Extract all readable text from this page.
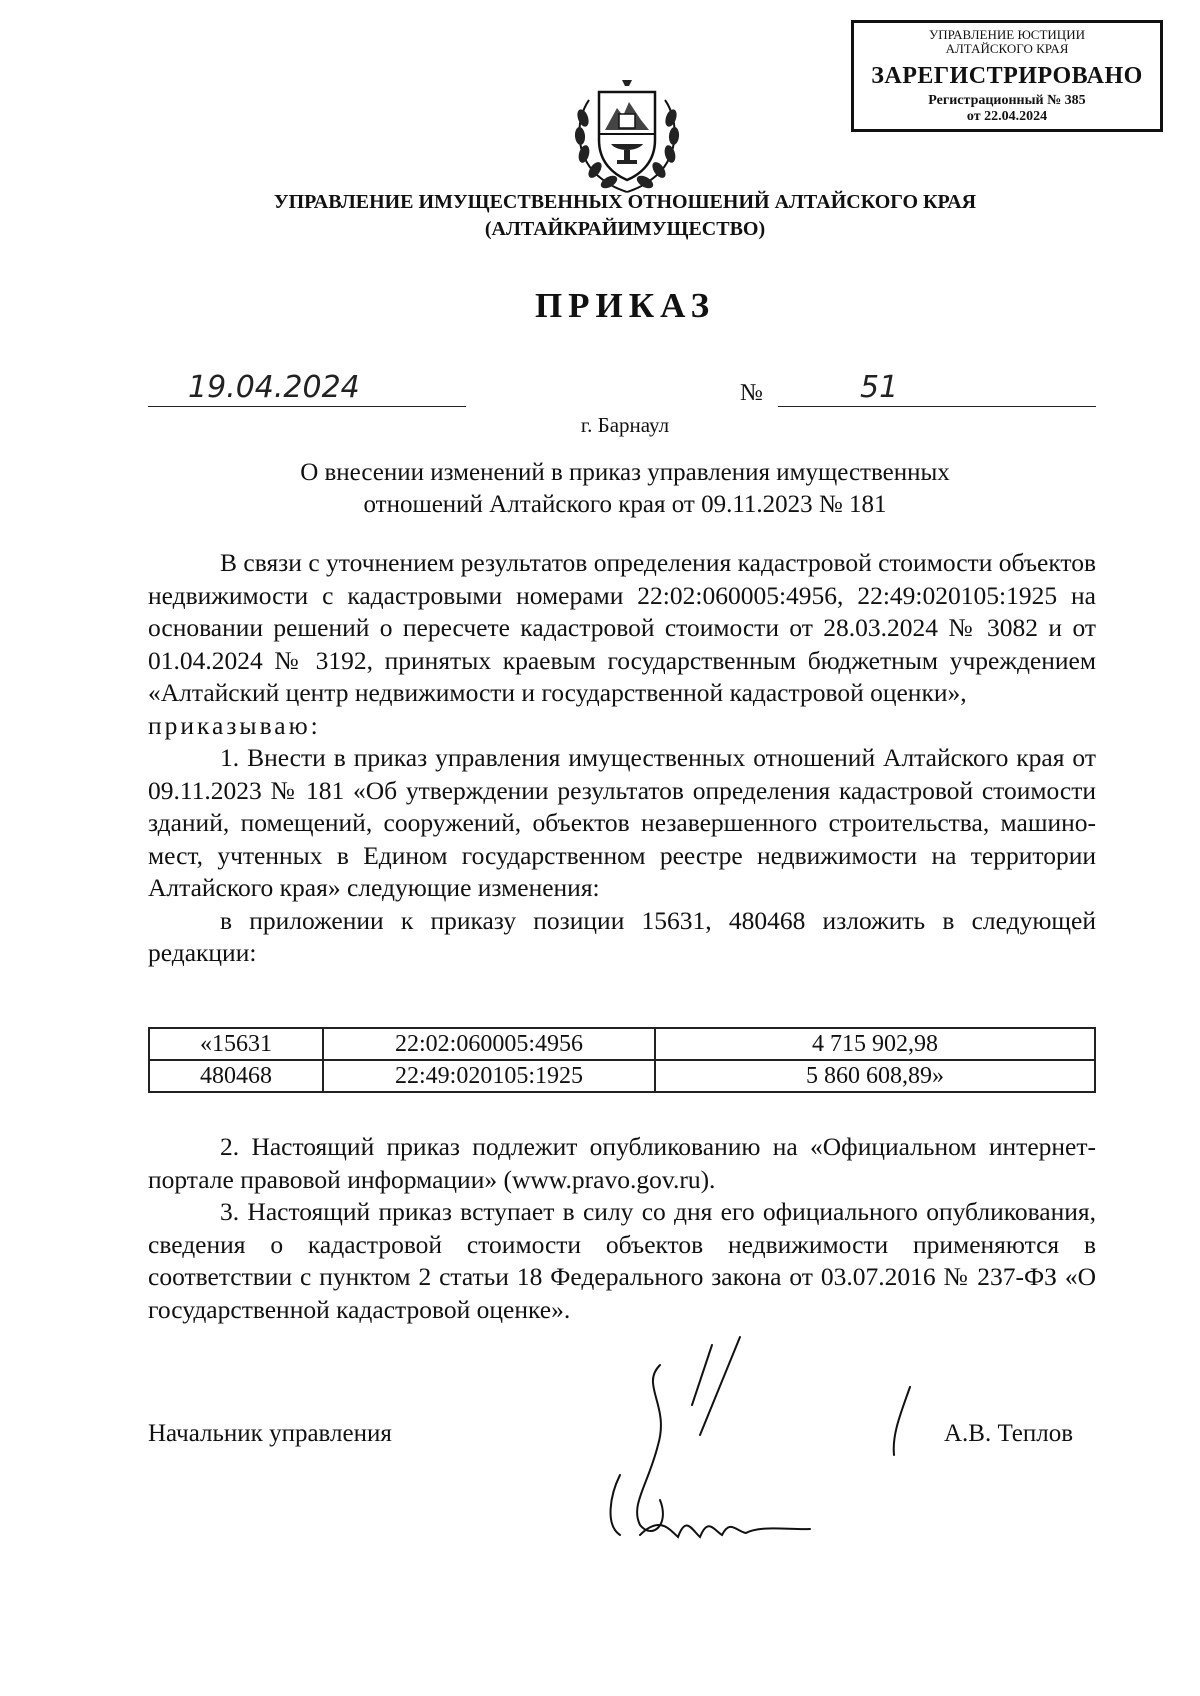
УПРАВЛЕНИЕ ЮСТИЦИИ
АЛТАЙСКОГО КРАЯ
ЗАРЕГИСТРИРОВАНО
Регистрационный № 385
от 22.04.2024
УПРАВЛЕНИЕ ИМУЩЕСТВЕННЫХ ОТНОШЕНИЙ АЛТАЙСКОГО КРАЯ
(АЛТАЙКРАЙИМУЩЕСТВО)
ПРИКАЗ
19.04.2024	№	51
г. Барнаул
О внесении изменений в приказ управления имущественных
отношений Алтайского края от 09.11.2023 № 181

В связи с уточнением результатов определения кадастровой стоимости объектов недвижимости с кадастровыми номерами 22:02:060005:4956, 22:49:020105:1925 на основании решений о пересчете кадастровой стоимости от 28.03.2024 № 3082 и от 01.04.2024 № 3192, принятых краевым государственным бюджетным учреждением «Алтайский центр недвижимости и государственной кадастровой оценки»,

приказываю:

1. Внести в приказ управления имущественных отношений Алтайского края от 09.11.2023 № 181 «Об утверждении результатов определения кадастровой стоимости зданий, помещений, сооружений, объектов незавершенного строительства, машино-мест, учтенных в Едином государственном реестре недвижимости на территории Алтайского края» следующие изменения:

в приложении к приказу позиции 15631, 480468 изложить в следующей редакции:

«15631	22:02:060005:4956	4 715 902,98
480468	22:49:020105:1925	5 860 608,89»

2. Настоящий приказ подлежит опубликованию на «Официальном интернет-портале правовой информации» (www.pravo.gov.ru).

3. Настоящий приказ вступает в силу со дня его официального опубликования, сведения о кадастровой стоимости объектов недвижимости применяются в соответствии с пунктом 2 статьи 18 Федерального закона от 03.07.2016 № 237-ФЗ «О государственной кадастровой оценке».

Начальник управления	А.В. Теплов
